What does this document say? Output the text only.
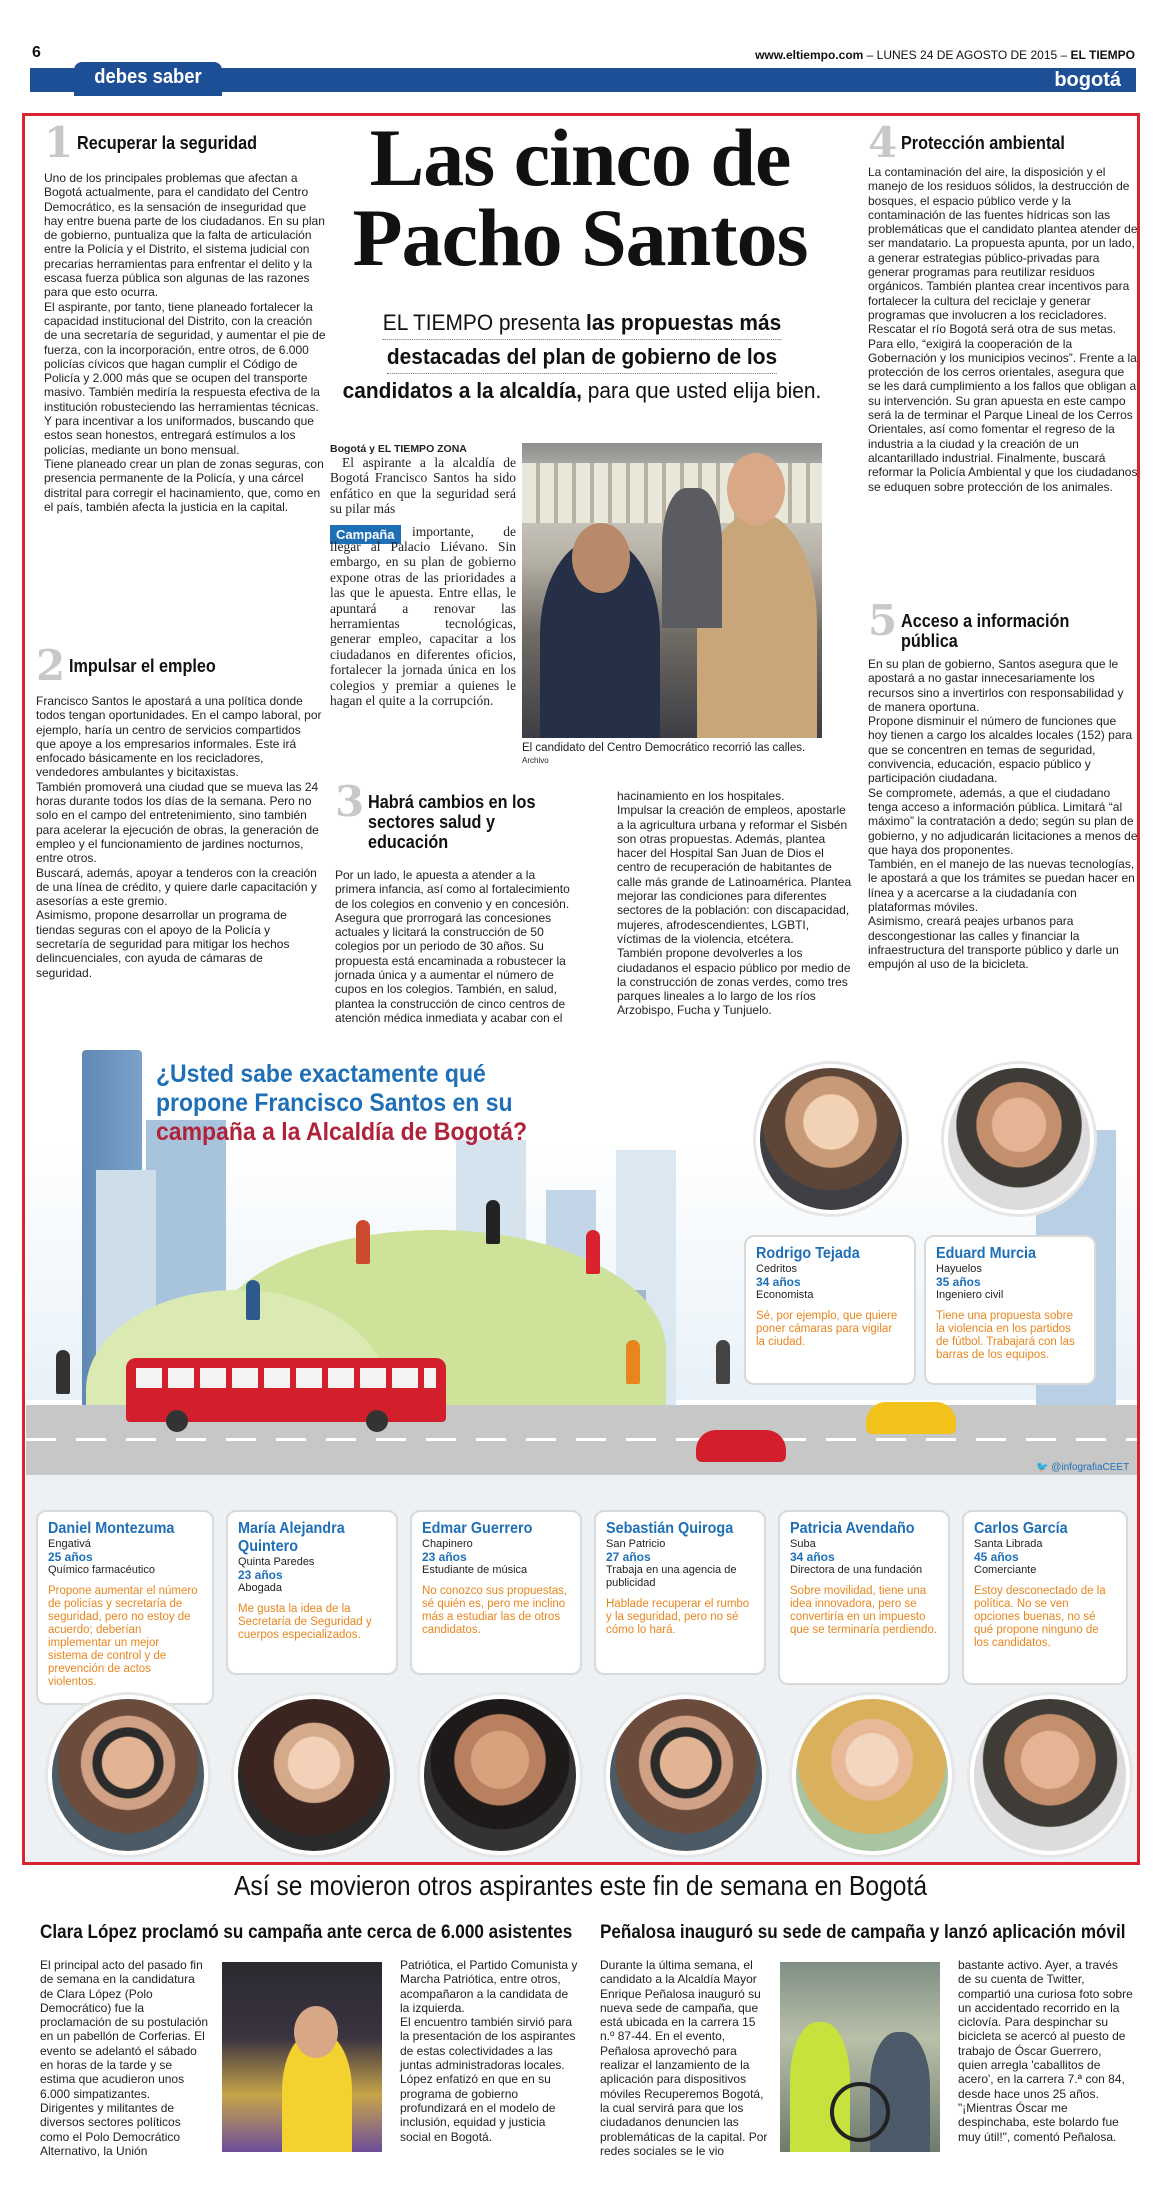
6	www.eltiempo.com – LUNES 24 DE AGOSTO DE 2015 – EL TIEMPO
debes saber	bogotá
1 Recuperar la seguridad
Uno de los principales problemas que afectan a Bogotá actualmente, para el candidato del Centro Democrático, es la sensación de inseguridad que hay entre buena parte de los ciudadanos. En su plan de gobierno, puntualiza que la falta de articulación entre la Policía y el Distrito, el sistema judicial con precarias herramientas para enfrentar el delito y la escasa fuerza pública son algunas de las razones para que esto ocurra.
El aspirante, por tanto, tiene planeado fortalecer la capacidad institucional del Distrito, con la creación de una secretaría de seguridad, y aumentar el pie de fuerza, con la incorporación, entre otros, de 6.000 policías cívicos que hagan cumplir el Código de Policía y 2.000 más que se ocupen del transporte masivo. También mediría la respuesta efectiva de la institución robusteciendo las herramientas técnicas. Y para incentivar a los uniformados, buscando que estos sean honestos, entregará estímulos a los policías, mediante un bono mensual.
Tiene planeado crear un plan de zonas seguras, con presencia permanente de la Policía, y una cárcel distrital para corregir el hacinamiento, que, como en el país, también afecta la justicia en la capital.
2 Impulsar el empleo
Francisco Santos le apostará a una política donde todos tengan oportunidades. En el campo laboral, por ejemplo, haría un centro de servicios compartidos que apoye a los empresarios informales. Este irá enfocado básicamente en los recicladores, vendedores ambulantes y bicitaxistas.
También promoverá una ciudad que se mueva las 24 horas durante todos los días de la semana. Pero no solo en el campo del entretenimiento, sino también para acelerar la ejecución de obras, la generación de empleo y el funcionamiento de jardines nocturnos, entre otros.
Buscará, además, apoyar a tenderos con la creación de una línea de crédito, y quiere darle capacitación y asesorías a este gremio.
Asimismo, propone desarrollar un programa de tiendas seguras con el apoyo de la Policía y secretaría de seguridad para mitigar los hechos delincuenciales, con ayuda de cámaras de seguridad.
Las cinco de
Pacho Santos
EL TIEMPO presenta las propuestas más
destacadas del plan de gobierno de los
candidatos a la alcaldía, para que usted elija bien.
Bogotá y EL TIEMPO ZONA
El aspirante a la alcaldía de Bogotá Francisco Santos ha sido enfático en que la seguridad será su pilar más
Campaña	importante, de llegar al Palacio Liévano. Sin embargo, en su plan de gobierno expone otras de las prioridades a las que le apuesta. Entre ellas, le apuntará a renovar las herramientas tecnológicas, generar empleo, capacitar a los ciudadanos en diferentes oficios, fortalecer la jornada única en los colegios y premiar a quienes le hagan el quite a la corrupción.
El candidato del Centro Democrático recorrió las calles. Archivo
3 Habrá cambios en los sectores salud y educación
Por un lado, le apuesta a atender a la primera infancia, así como al fortalecimiento de los colegios en convenio y en concesión. Asegura que prorrogará las concesiones actuales y licitará la construcción de 50 colegios por un periodo de 30 años. Su propuesta está encaminada a robustecer la jornada única y a aumentar el número de cupos en los colegios. También, en salud, plantea la construcción de cinco centros de atención médica inmediata y acabar con el
hacinamiento en los hospitales.
Impulsar la creación de empleos, apostarle a la agricultura urbana y reformar el Sisbén son otras propuestas. Además, plantea hacer del Hospital San Juan de Dios el centro de recuperación de habitantes de calle más grande de Latinoamérica. Plantea mejorar las condiciones para diferentes sectores de la población: con discapacidad, mujeres, afrodescendientes, LGBTI, víctimas de la violencia, etcétera.
También propone devolverles a los ciudadanos el espacio público por medio de la construcción de zonas verdes, como tres parques lineales a lo largo de los ríos Arzobispo, Fucha y Tunjuelo.
4 Protección ambiental
La contaminación del aire, la disposición y el manejo de los residuos sólidos, la destrucción de bosques, el espacio público verde y la contaminación de las fuentes hídricas son las problemáticas que el candidato plantea atender de ser mandatario. La propuesta apunta, por un lado, a generar estrategias público-privadas para generar programas para reutilizar residuos orgánicos. También plantea crear incentivos para fortalecer la cultura del reciclaje y generar programas que involucren a los recicladores. Rescatar el río Bogotá será otra de sus metas. Para ello, “exigirá la cooperación de la Gobernación y los municipios vecinos”. Frente a la protección de los cerros orientales, asegura que se les dará cumplimiento a los fallos que obligan a su intervención. Su gran apuesta en este campo será la de terminar el Parque Lineal de los Cerros Orientales, así como fomentar el regreso de la industria a la ciudad y la creación de un alcantarillado industrial. Finalmente, buscará reformar la Policía Ambiental y que los ciudadanos se eduquen sobre protección de los animales.
5 Acceso a información pública
En su plan de gobierno, Santos asegura que le apostará a no gastar innecesariamente los recursos sino a invertirlos con responsabilidad y de manera oportuna.
Propone disminuir el número de funciones que hoy tienen a cargo los alcaldes locales (152) para que se concentren en temas de seguridad, convivencia, educación, espacio público y participación ciudadana.
Se compromete, además, a que el ciudadano tenga acceso a información pública. Limitará “al máximo” la contratación a dedo; según su plan de gobierno, y no adjudicarán licitaciones a menos de que haya dos proponentes.
También, en el manejo de las nuevas tecnologías, le apostará a que los trámites se puedan hacer en línea y a acercarse a la ciudadanía con plataformas móviles.
Asimismo, creará peajes urbanos para descongestionar las calles y financiar la infraestructura del transporte público y darle un empujón al uso de la bicicleta.
¿Usted sabe exactamente qué
propone Francisco Santos en su
campaña a la Alcaldía de Bogotá?
🐦 @infografiaCEET
Rodrigo Tejada
Cedritos
34 años
Economista
Sé, por ejemplo, que quiere poner cámaras para vigilar la ciudad.
Eduard Murcia
Hayuelos
35 años
Ingeniero civil
Tiene una propuesta sobre la violencia en los partidos de fútbol. Trabajará con las barras de los equipos.
Daniel Montezuma
Engativá
25 años
Químico farmacéutico
Propone aumentar el número de policías y secretaría de seguridad, pero no estoy de acuerdo; deberían implementar un mejor sistema de control y de prevención de actos violentos.
María Alejandra Quintero
Quinta Paredes
23 años
Abogada
Me gusta la idea de la Secretaría de Seguridad y cuerpos especializados.
Edmar Guerrero
Chapinero
23 años
Estudiante de música
No conozco sus propuestas, sé quién es, pero me inclino más a estudiar las de otros candidatos.
Sebastián Quiroga
San Patricio
27 años
Trabaja en una agencia de publicidad
Hablade recuperar el rumbo y la seguridad, pero no sé cómo lo hará.
Patricia Avendaño
Suba
34 años
Directora de una fundación
Sobre movilidad, tiene una idea innovadora, pero se convertiría en un impuesto que se terminaría perdiendo.
Carlos García
Santa Librada
45 años
Comerciante
Estoy desconectado de la política. No se ven opciones buenas, no sé qué propone ninguno de los candidatos.
Así se movieron otros aspirantes este fin de semana en Bogotá
Clara López proclamó su campaña ante cerca de 6.000 asistentes
El principal acto del pasado fin de semana en la candidatura de Clara López (Polo Democrático) fue la proclamación de su postulación en un pabellón de Corferias. El evento se adelantó el sábado en horas de la tarde y se estima que acudieron unos 6.000 simpatizantes.
Dirigentes y militantes de diversos sectores políticos como el Polo Democrático Alternativo, la Unión
Patriótica, el Partido Comunista y Marcha Patriótica, entre otros, acompañaron a la candidata de la izquierda.
El encuentro también sirvió para la presentación de los aspirantes de estas colectividades a las juntas administradoras locales. López enfatizó en que en su programa de gobierno profundizará en el modelo de inclusión, equidad y justicia social en Bogotá.
Peñalosa inauguró su sede de campaña y lanzó aplicación móvil
Durante la última semana, el candidato a la Alcaldía Mayor Enrique Peñalosa inauguró su nueva sede de campaña, que está ubicada en la carrera 15 n.º 87-44. En el evento, Peñalosa aprovechó para realizar el lanzamiento de la aplicación para dispositivos móviles Recuperemos Bogotá, la cual servirá para que los ciudadanos denuncien las problemáticas de la capital. Por redes sociales se le vio
bastante activo. Ayer, a través de su cuenta de Twitter, compartió una curiosa foto sobre un accidentado recorrido en la ciclovía. Para despinchar su bicicleta se acercó al puesto de trabajo de Óscar Guerrero, quien arregla 'caballitos de acero', en la carrera 7.ª con 84, desde hace unos 25 años. "¡Mientras Óscar me despinchaba, este bolardo fue muy útil!", comentó Peñalosa.
